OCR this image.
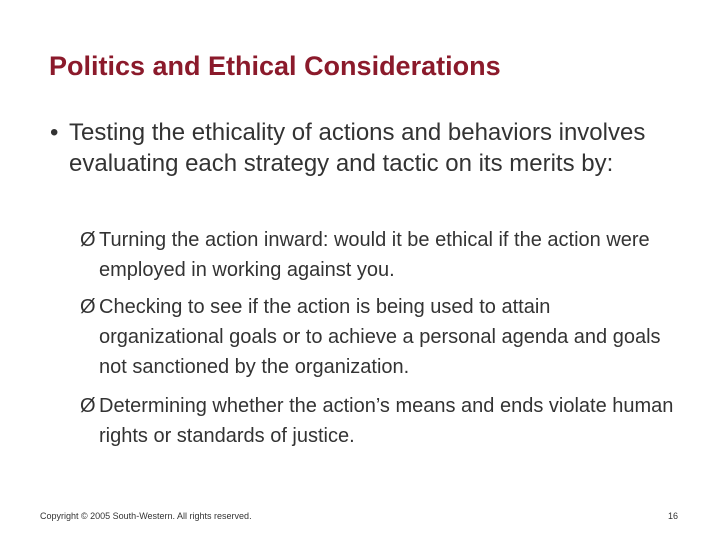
Politics and Ethical Considerations
• Testing the ethicality of actions and behaviors involves evaluating each strategy and tactic on its merits by:
Ø Turning the action inward: would it be ethical if the action were employed in working against you.
Ø Checking to see if the action is being used to attain organizational goals or to achieve a personal agenda and goals not sanctioned by the organization.
Ø Determining whether the action’s means and ends violate human rights or standards of justice.
Copyright © 2005 South-Western. All rights reserved.	16
